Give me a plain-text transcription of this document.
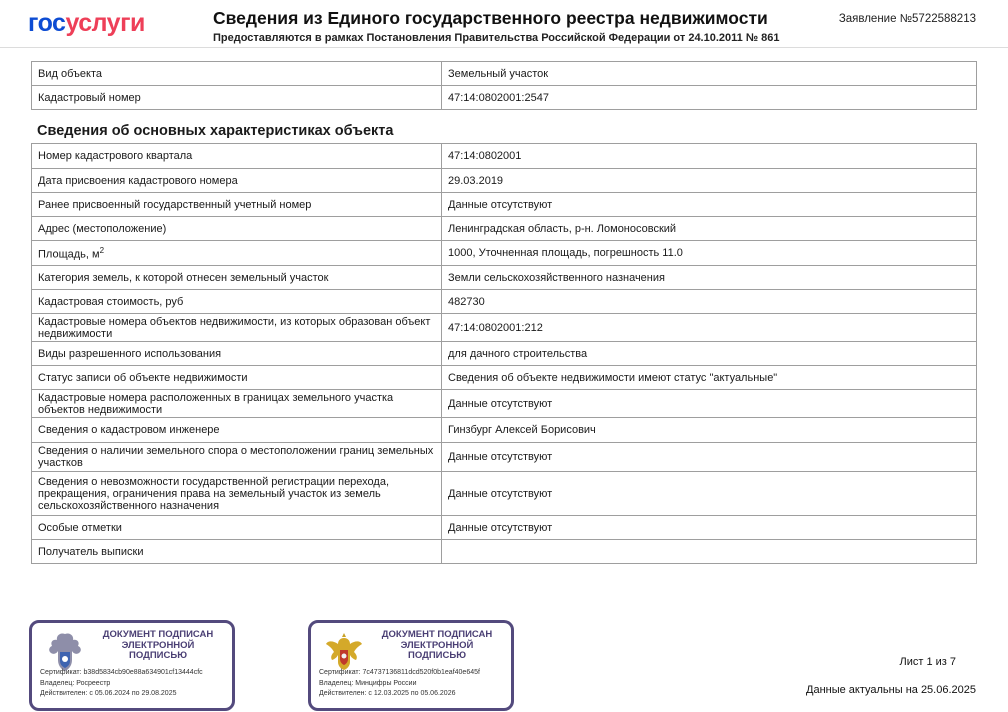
госуслуги	Сведения из Единого государственного реестра недвижимости
Предоставляются в рамках Постановления Правительства Российской Федерации от 24.10.2011 № 861
Заявление №5722588213
Вид объекта	Земельный участок
Кадастровый номер	47:14:0802001:2547
Сведения об основных характеристиках объекта
Номер кадастрового квартала	47:14:0802001
Дата присвоения кадастрового номера	29.03.2019
Ранее присвоенный государственный учетный номер	Данные отсутствуют
Адрес (местоположение)	Ленинградская область, р-н. Ломоносовский
Площадь, $м^2$	1000, Уточненная площадь, погрешность 11.0
Категория земель, к которой отнесен земельный участок	Земли сельскохозяйственного назначения
Кадастровая стоимость, руб	482730
Кадастровые номера объектов недвижимости, из которых образован объект недвижимости	47:14:0802001:212
Виды разрешенного использования	для дачного строительства
Статус записи об объекте недвижимости	Сведения об объекте недвижимости имеют статус "актуальные"
Кадастровые номера расположенных в границах земельного участка объектов недвижимости	Данные отсутствуют
Сведения о кадастровом инженере	Гинзбург Алексей Борисович
Сведения о наличии земельного спора о местоположении границ земельных участков	Данные отсутствуют
Сведения о невозможности государственной регистрации перехода, прекращения, ограничения права на земельный участок из земель сельскохозяйственного назначения	Данные отсутствуют
Особые отметки	Данные отсутствуют
Получатель выписки	
ДОКУМЕНТ ПОДПИСАН
ЭЛЕКТРОННОЙ
ПОДПИСЬЮ
Сертификат: b38d5834cb90e88a634901cf13444cfc
Владелец: Росреестр
Действителен: с 05.06.2024 по 29.08.2025
ДОКУМЕНТ ПОДПИСАН
ЭЛЕКТРОННОЙ
ПОДПИСЬЮ
Сертификат: 7c4737136811dcd520f0b1eaf40e645f
Владелец: Минцифры России
Действителен: с 12.03.2025 по 05.06.2026
Лист 1 из 7
Данные актуальны на 25.06.2025
